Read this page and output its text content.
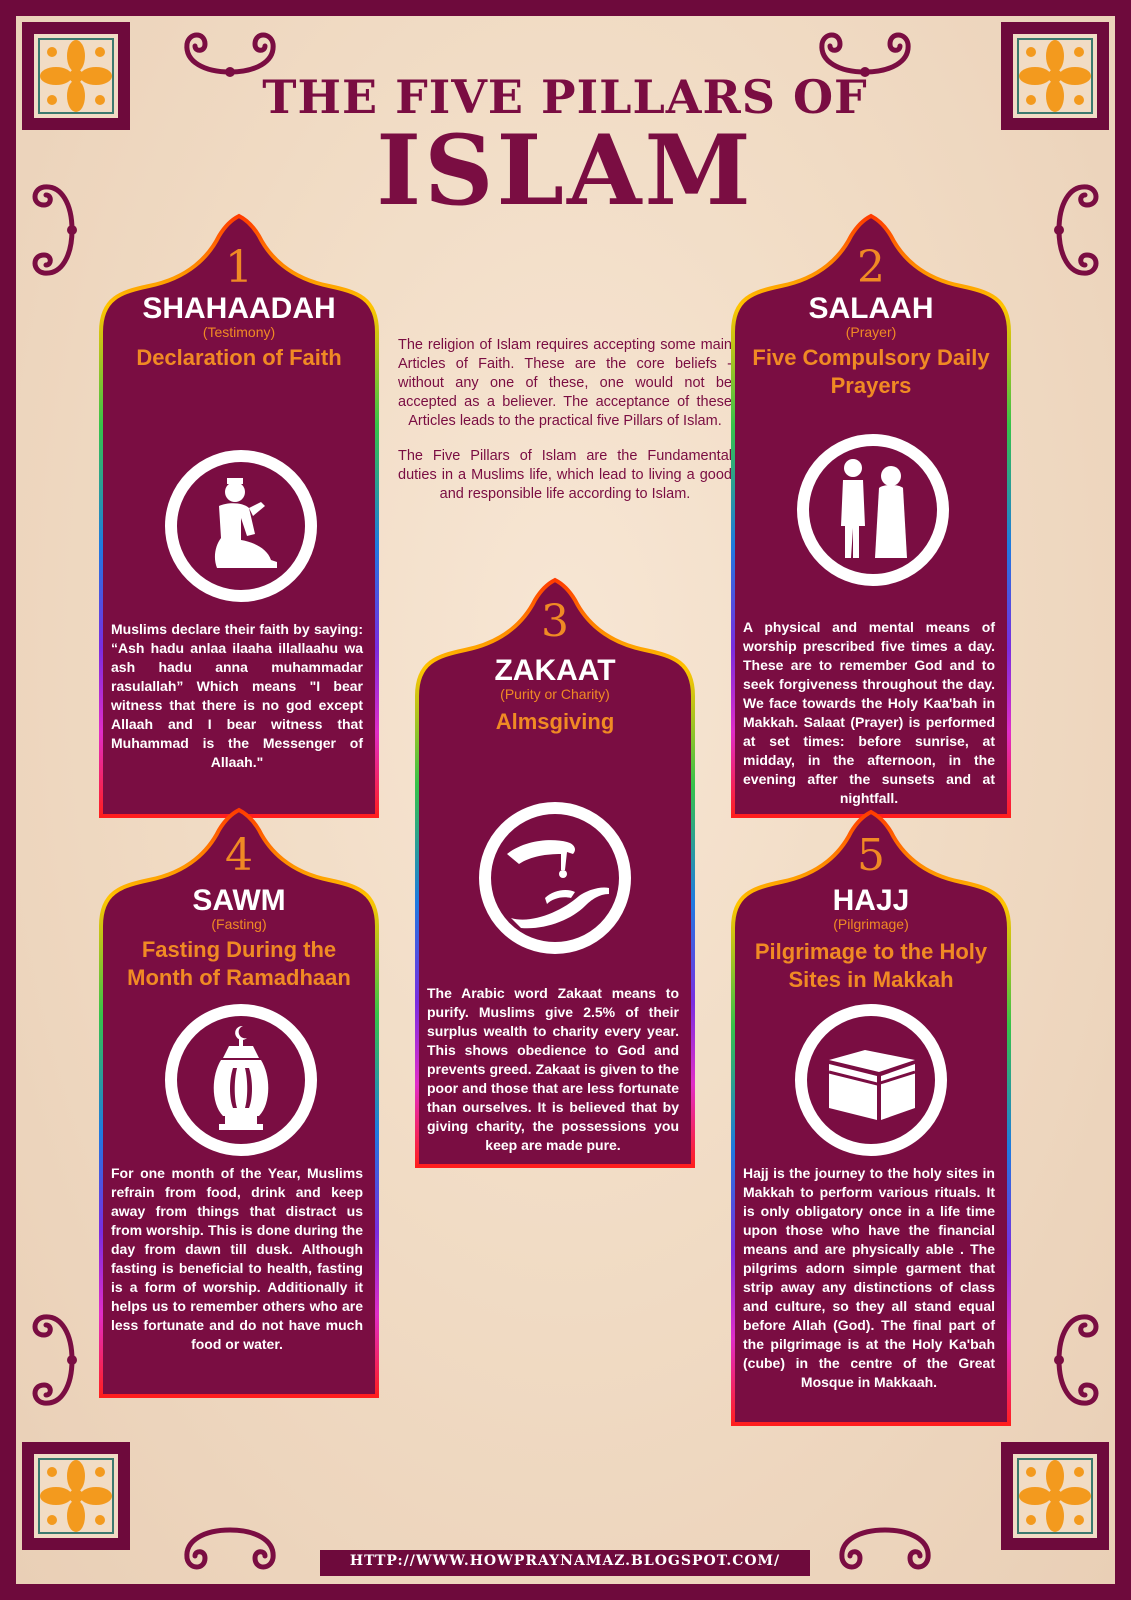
THE FIVE PILLARS OF
ISLAM

The religion of Islam requires accepting some main Articles of Faith. These are the core beliefs - without any one of these, one would not be accepted as a believer. The acceptance of these Articles leads to the practical five Pillars of Islam.

The Five Pillars of Islam are the Fundamental duties in a Muslims life, which lead to living a good and responsible life according to Islam.

1
SHAHAADAH
(Testimony)
Declaration of Faith
Muslims declare their faith by saying: “Ash hadu anlaa ilaaha illallaahu wa ash hadu anna muhammadar rasulallah” Which means "I bear witness that there is no god except Allaah and I bear witness that Muhammad is the Messenger of Allaah."
2
SALAAH
(Prayer)
Five Compulsory Daily Prayers
A physical and mental means of worship prescribed five times a day. These are to remember God and to seek forgiveness throughout the day. We face towards the Holy Kaa'bah in Makkah. Salaat (Prayer) is performed at set times: before sunrise, at midday, in the afternoon, in the evening after the sunsets and at nightfall.
3
ZAKAAT
(Purity or Charity)
Almsgiving
The Arabic word Zakaat means to purify. Muslims give 2.5% of their surplus wealth to charity every year. This shows obedience to God and prevents greed. Zakaat is given to the poor and those that are less fortunate than ourselves. It is believed that by giving charity, the possessions you keep are made pure.
4
SAWM
(Fasting)
Fasting During the Month of Ramadhaan
For one month of the Year, Muslims refrain from food, drink and keep away from things that distract us from worship. This is done during the day from dawn till dusk. Although fasting is beneficial to health, fasting is a form of worship. Additionally it helps us to remember others who are less fortunate and do not have much food or water.
5
HAJJ
(Pilgrimage)
Pilgrimage to the Holy Sites in Makkah
Hajj is the journey to the holy sites in Makkah to perform various rituals. It is only obligatory once in a life time upon those who have the financial means and are physically able . The pilgrims adorn simple garment that strip away any distinctions of class and culture, so they all stand equal before Allah (God). The final part of the pilgrimage is at the Holy Ka'bah (cube) in the centre of the Great Mosque in Makkaah.
HTTP://WWW.HOWPRAYNAMAZ.BLOGSPOT.COM/
